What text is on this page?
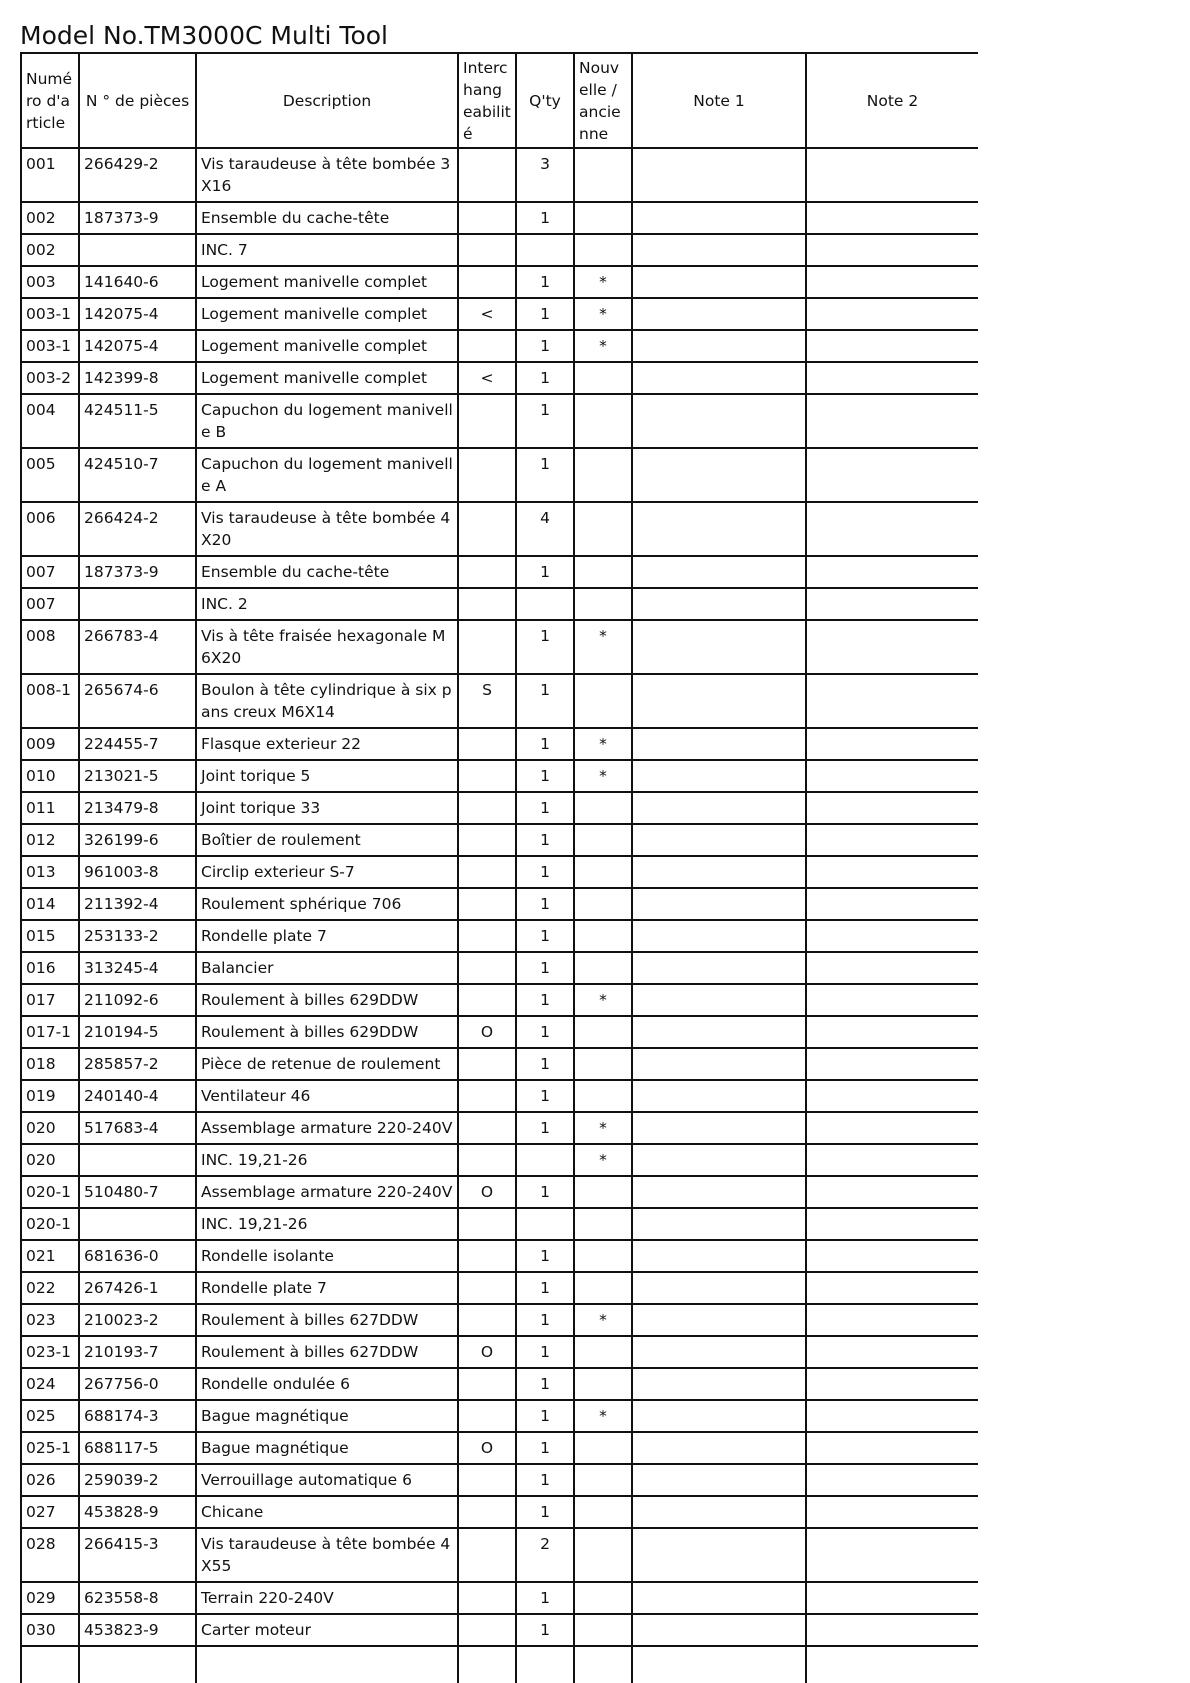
Model No.TM3000C Multi Tool
Numéro d'article	N ° de pièces	Description	Interchangeabilité	Q'ty	Nouvelle / ancienne	Note 1	Note 2
001	266429-2	Vis taraudeuse à tête bombée 3X16		3			
002	187373-9	Ensemble du cache-tête		1			
002		INC. 7					
003	141640-6	Logement manivelle complet		1	*		
003-1	142075-4	Logement manivelle complet	<	1	*		
003-1	142075-4	Logement manivelle complet		1	*		
003-2	142399-8	Logement manivelle complet	<	1			
004	424511-5	Capuchon du logement manivelle B		1			
005	424510-7	Capuchon du logement manivelle A		1			
006	266424-2	Vis taraudeuse à tête bombée 4X20		4			
007	187373-9	Ensemble du cache-tête		1			
007		INC. 2					
008	266783-4	Vis à tête fraisée hexagonale M6X20		1	*		
008-1	265674-6	Boulon à tête cylindrique à six pans creux M6X14	S	1			
009	224455-7	Flasque exterieur 22		1	*		
010	213021-5	Joint torique 5		1	*		
011	213479-8	Joint torique 33		1			
012	326199-6	Boîtier de roulement		1			
013	961003-8	Circlip exterieur S-7		1			
014	211392-4	Roulement sphérique 706		1			
015	253133-2	Rondelle plate 7		1			
016	313245-4	Balancier		1			
017	211092-6	Roulement à billes 629DDW		1	*		
017-1	210194-5	Roulement à billes 629DDW	O	1			
018	285857-2	Pièce de retenue de roulement		1			
019	240140-4	Ventilateur 46		1			
020	517683-4	Assemblage armature 220-240V		1	*		
020		INC. 19,21-26			*		
020-1	510480-7	Assemblage armature 220-240V	O	1			
020-1		INC. 19,21-26					
021	681636-0	Rondelle isolante		1			
022	267426-1	Rondelle plate 7		1			
023	210023-2	Roulement à billes 627DDW		1	*		
023-1	210193-7	Roulement à billes 627DDW	O	1			
024	267756-0	Rondelle ondulée 6		1			
025	688174-3	Bague magnétique		1	*		
025-1	688117-5	Bague magnétique	O	1			
026	259039-2	Verrouillage automatique 6		1			
027	453828-9	Chicane		1			
028	266415-3	Vis taraudeuse à tête bombée 4X55		2			
029	623558-8	Terrain 220-240V		1			
030	453823-9	Carter moteur		1			
